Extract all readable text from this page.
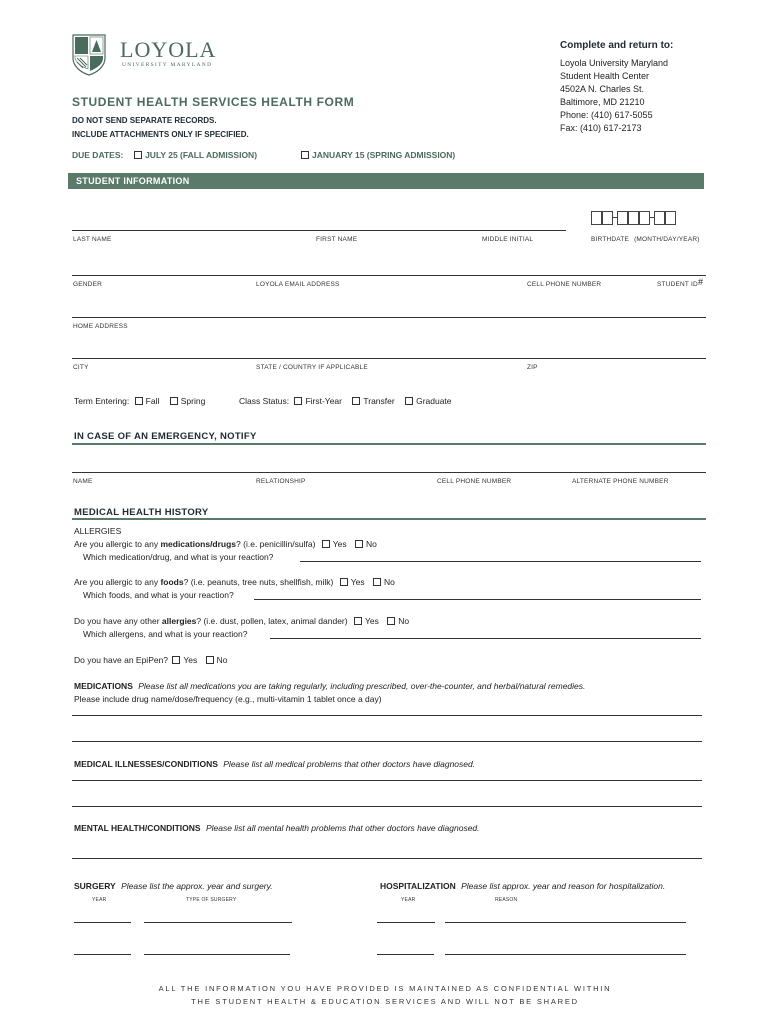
LOYOLA
UNIVERSITY MARYLAND
Complete and return to:
Loyola University Maryland
Student Health Center
4502A N. Charles St.
Baltimore, MD 21210
Phone: (410) 617-5055
Fax: (410) 617-2173
STUDENT HEALTH SERVICES HEALTH FORM
DO NOT SEND SEPARATE RECORDS.
INCLUDE ATTACHMENTS ONLY IF SPECIFIED.
DUE DATES:	JULY 25 (FALL ADMISSION)	JANUARY 15 (SPRING ADMISSION)
STUDENT INFORMATION
LAST NAME	FIRST NAME	MIDDLE INITIAL
	BIRTHDATE (MONTH/DAY/YEAR)
GENDER	LOYOLA EMAIL ADDRESS	CELL PHONE NUMBER	STUDENT ID #
HOME ADDRESS
CITY	STATE / COUNTRY IF APPLICABLE	ZIP
Term Entering: Fall	Spring	Class Status: First-Year	Transfer	Graduate
IN CASE OF AN EMERGENCY, NOTIFY
NAME	RELATIONSHIP	CELL PHONE NUMBER	ALTERNATE PHONE NUMBER
MEDICAL HEALTH HISTORY
ALLERGIES
Are you allergic to any medications/drugs? (i.e. penicillin/sulfa) Yes No
Which medication/drug, and what is your reaction?
Are you allergic to any foods? (i.e. peanuts, tree nuts, shellfish, milk) Yes No
Which foods, and what is your reaction?
Do you have any other allergies? (i.e. dust, pollen, latex, animal dander) Yes No
Which allergens, and what is your reaction?
Do you have an EpiPen? Yes No
MEDICATIONS Please list all medications you are taking regularly, including prescribed, over-the-counter, and herbal/natural remedies.
Please include drug name/dose/frequency (e.g., multi-vitamin 1 tablet once a day)
MEDICAL ILLNESSES/CONDITIONS Please list all medical problems that other doctors have diagnosed.
MENTAL HEALTH/CONDITIONS Please list all mental health problems that other doctors have diagnosed.
SURGERY Please list the approx. year and surgery.
YEAR	TYPE OF SURGERY
HOSPITALIZATION Please list approx. year and reason for hospitalization.
YEAR	REASON
ALL THE INFORMATION YOU HAVE PROVIDED IS MAINTAINED AS CONFIDENTIAL WITHIN
THE STUDENT HEALTH & EDUCATION SERVICES AND WILL NOT BE SHARED
